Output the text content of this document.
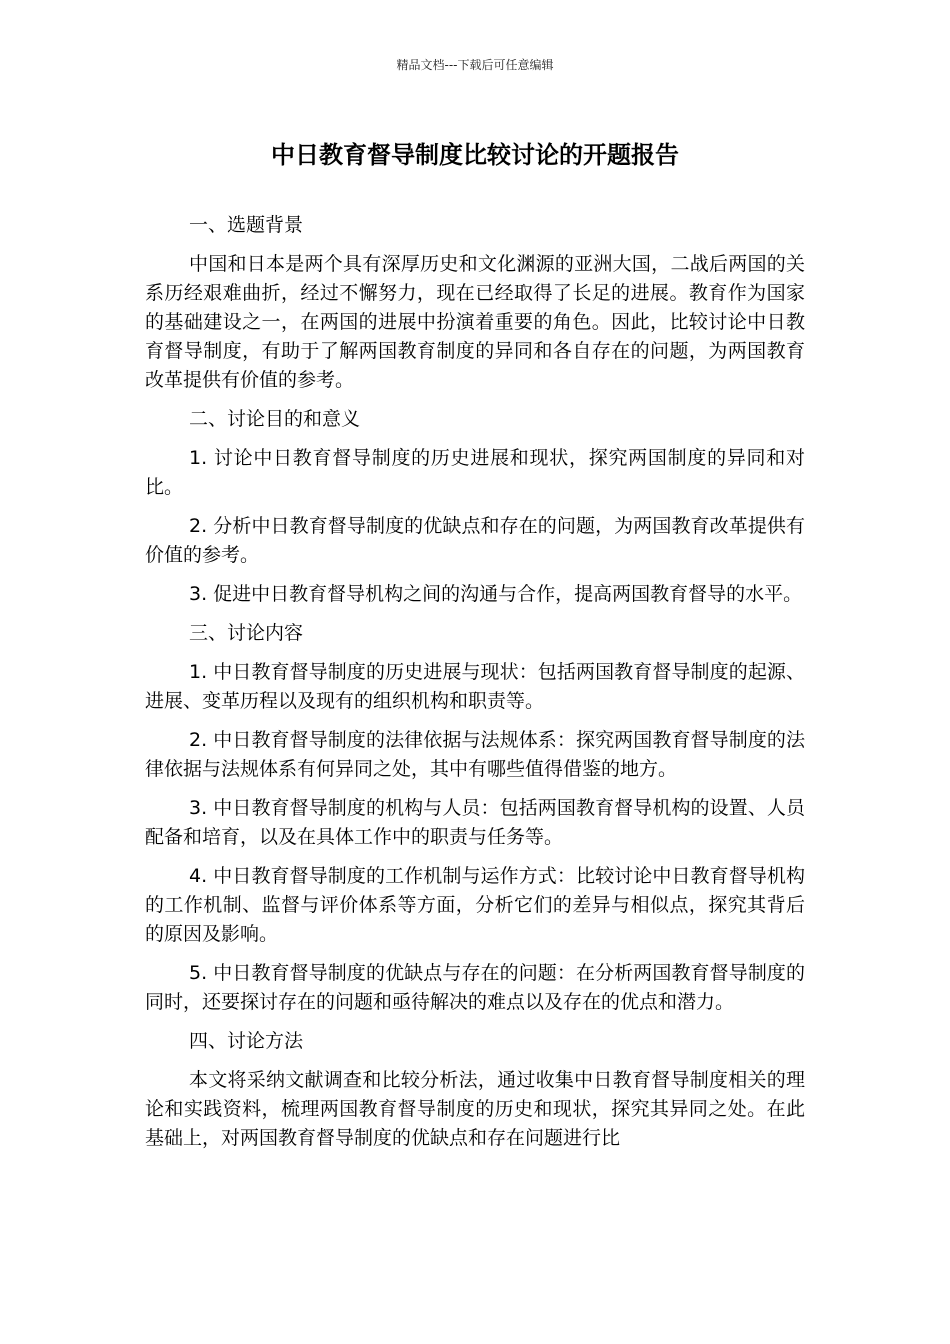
精品文档---下载后可任意编辑
中日教育督导制度比较讨论的开题报告

一、选题背景

中国和日本是两个具有深厚历史和文化渊源的亚洲大国，二战后两国的关系历经艰难曲折，经过不懈努力，现在已经取得了长足的进展。教育作为国家的基础建设之一，在两国的进展中扮演着重要的角色。因此，比较讨论中日教育督导制度，有助于了解两国教育制度的异同和各自存在的问题，为两国教育改革提供有价值的参考。

二、讨论目的和意义

1. 讨论中日教育督导制度的历史进展和现状，探究两国制度的异同和对比。

2. 分析中日教育督导制度的优缺点和存在的问题，为两国教育改革提供有价值的参考。

3. 促进中日教育督导机构之间的沟通与合作，提高两国教育督导的水平。

三、讨论内容

1. 中日教育督导制度的历史进展与现状：包括两国教育督导制度的起源、进展、变革历程以及现有的组织机构和职责等。

2. 中日教育督导制度的法律依据与法规体系：探究两国教育督导制度的法律依据与法规体系有何异同之处，其中有哪些值得借鉴的地方。

3. 中日教育督导制度的机构与人员：包括两国教育督导机构的设置、人员配备和培育，以及在具体工作中的职责与任务等。

4. 中日教育督导制度的工作机制与运作方式：比较讨论中日教育督导机构的工作机制、监督与评价体系等方面，分析它们的差异与相似点，探究其背后的原因及影响。

5. 中日教育督导制度的优缺点与存在的问题：在分析两国教育督导制度的同时，还要探讨存在的问题和亟待解决的难点以及存在的优点和潜力。

四、讨论方法

本文将采纳文献调查和比较分析法，通过收集中日教育督导制度相关的理论和实践资料，梳理两国教育督导制度的历史和现状，探究其异同之处。在此基础上，对两国教育督导制度的优缺点和存在问题进行比
